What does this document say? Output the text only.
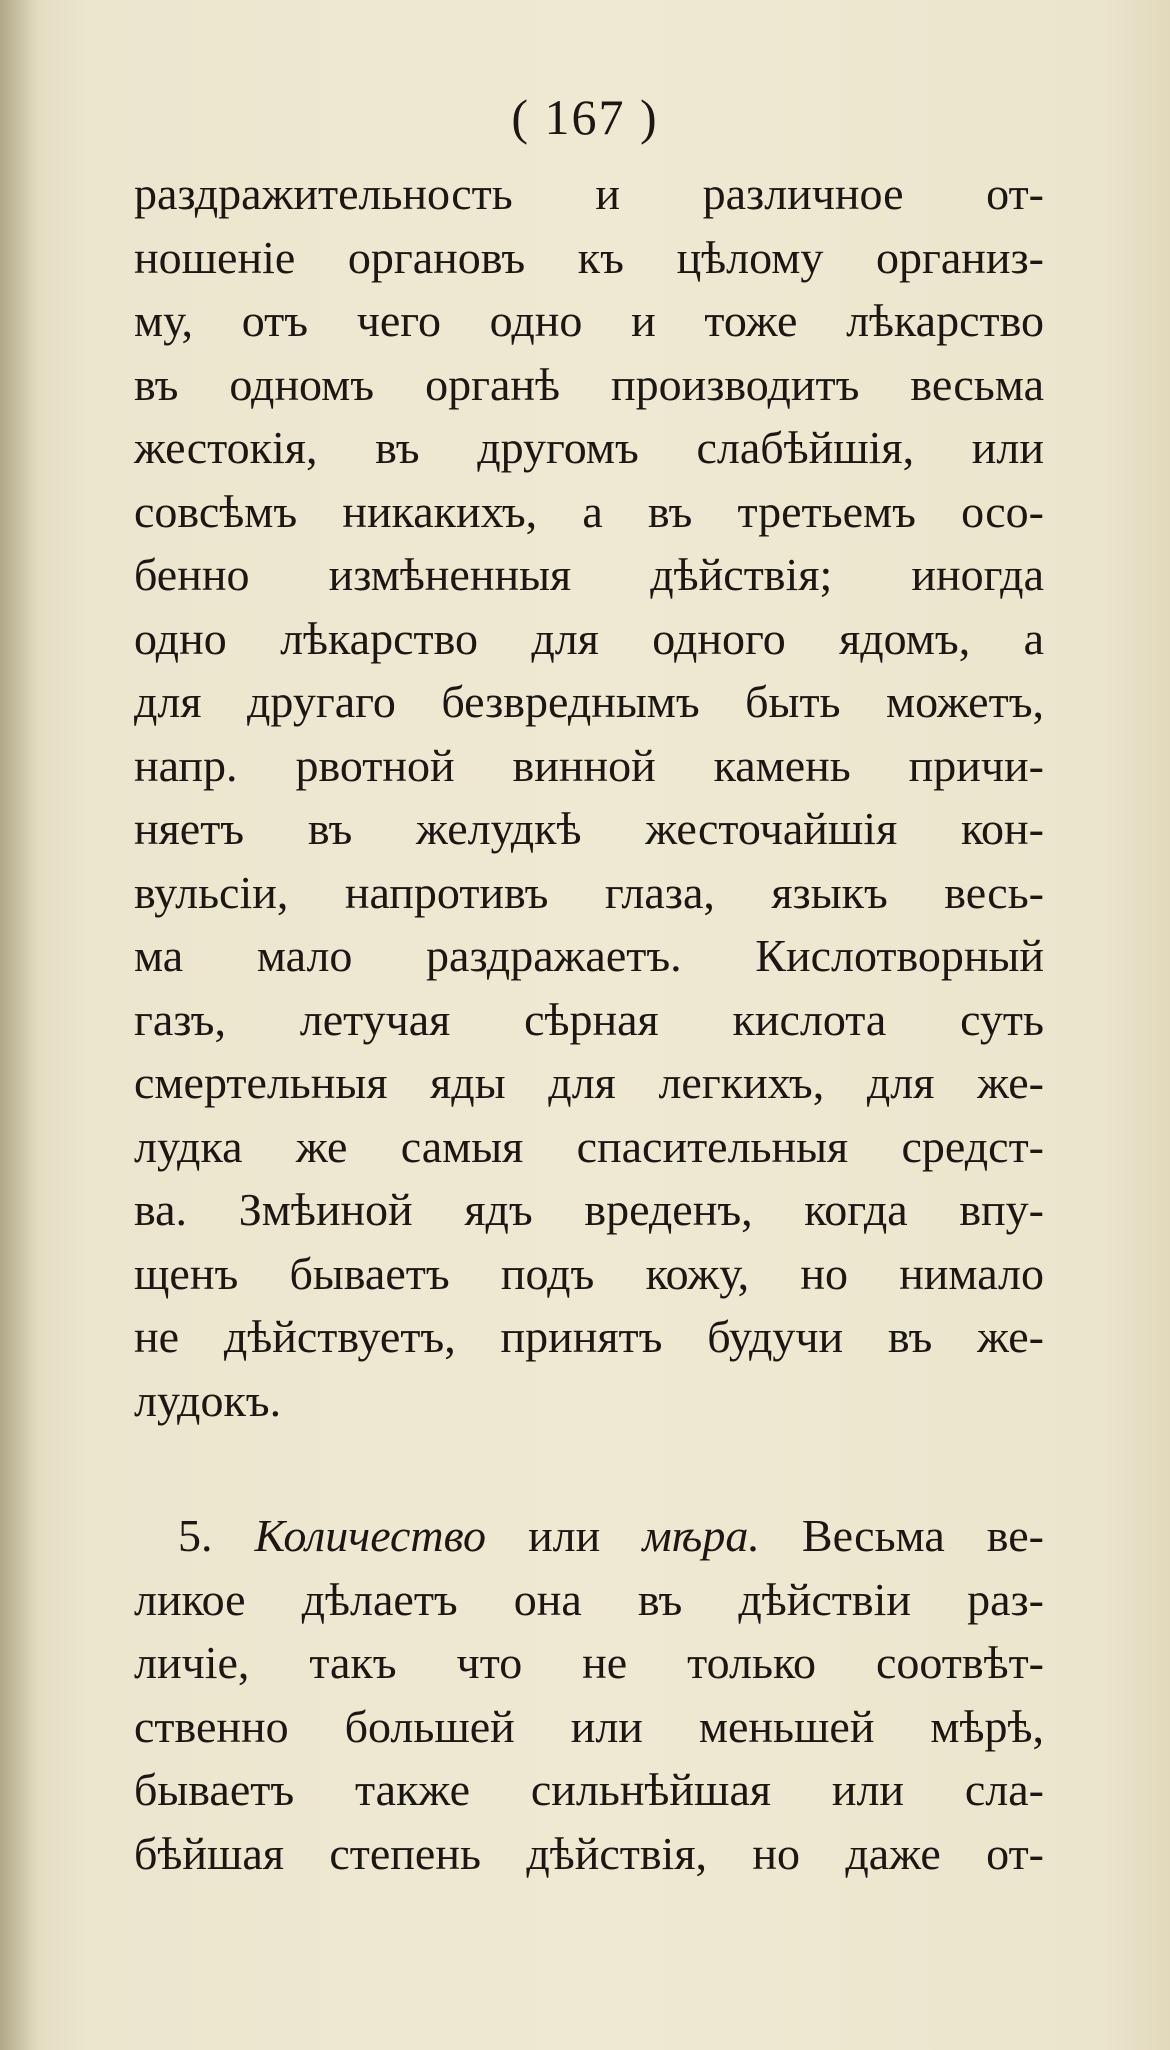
( 167 )
раздражительность и различное от-
ношенiе органовъ къ цѣлому организ-
му, отъ чего одно и тоже лѣкарство
въ одномъ органѣ производитъ весьма
жестокiя, въ другомъ слабѣйшiя, или
совсѣмъ никакихъ, а въ третьемъ осо-
бенно измѣненныя дѣйствiя; иногда
одно лѣкарство для одного ядомъ, а
для другаго безвреднымъ быть можетъ,
напр. рвотной винной камень причи-
няетъ въ желудкѣ жесточайшiя кон-
вульсiи, напротивъ глаза, языкъ весь-
ма мало раздражаетъ. Кислотворный
газъ, летучая сѣрная кислота суть
смертельныя яды для легкихъ, для же-
лудка же самыя спасительныя средст-
ва. Змѣиной ядъ вреденъ, когда впу-
щенъ бываетъ подъ кожу, но нимало
не дѣйствуетъ, принятъ будучи въ же-
лудокъ.
5. Количество или мѣра. Весьма ве-
ликое дѣлаетъ она въ дѣйствiи раз-
личiе, такъ что не только соотвѣт-
ственно большей или меньшей мѣрѣ,
бываетъ также сильнѣйшая или сла-
бѣйшая степень дѣйствiя, но даже от-
